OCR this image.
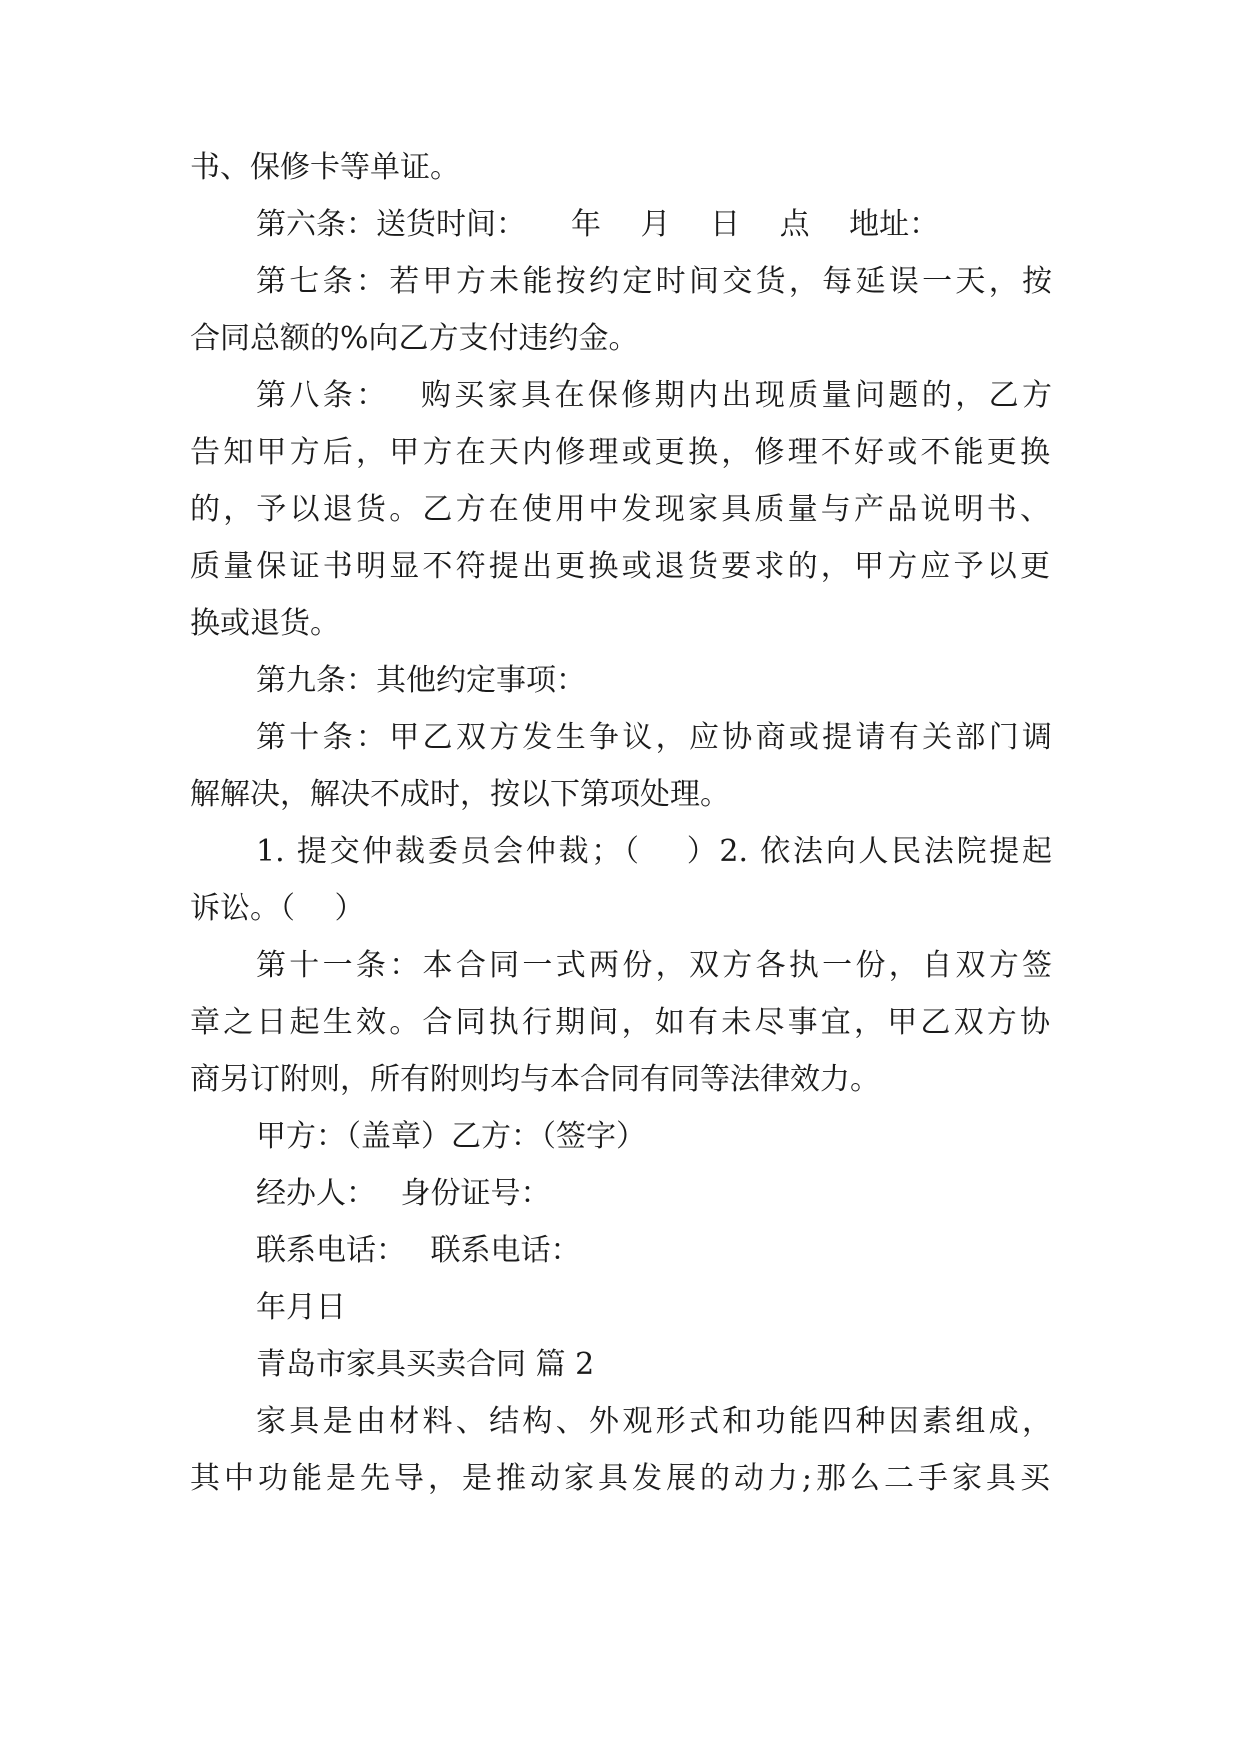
书、保修卡等单证。

第六条：送货时间：　　年　 月　 日　 点　 地址：

第七条：若甲方未能按约定时间交货，每延误一天，按

合同总额的%向乙方支付违约金。

第八条：　 购买家具在保修期内出现质量问题的，乙方

告知甲方后，甲方在天内修理或更换，修理不好或不能更换

的，予以退货。乙方在使用中发现家具质量与产品说明书、

质量保证书明显不符提出更换或退货要求的，甲方应予以更

换或退货。

第九条：其他约定事项：

第十条：甲乙双方发生争议，应协商或提请有关部门调

解解决，解决不成时，按以下第项处理。

1. 提交仲裁委员会仲裁；（　 ）2. 依法向人民法院提起

诉讼。（　 ）

第十一条：本合同一式两份，双方各执一份，自双方签

章之日起生效。合同执行期间，如有未尽事宜，甲乙双方协

商另订附则，所有附则均与本合同有同等法律效力。

甲方：（盖章）乙方：（签字）

经办人：　 身份证号：

联系电话：　 联系电话：

年月日

青岛市家具买卖合同 篇 2

家具是由材料、结构、外观形式和功能四种因素组成，

其中功能是先导，是推动家具发展的动力;那么二手家具买
